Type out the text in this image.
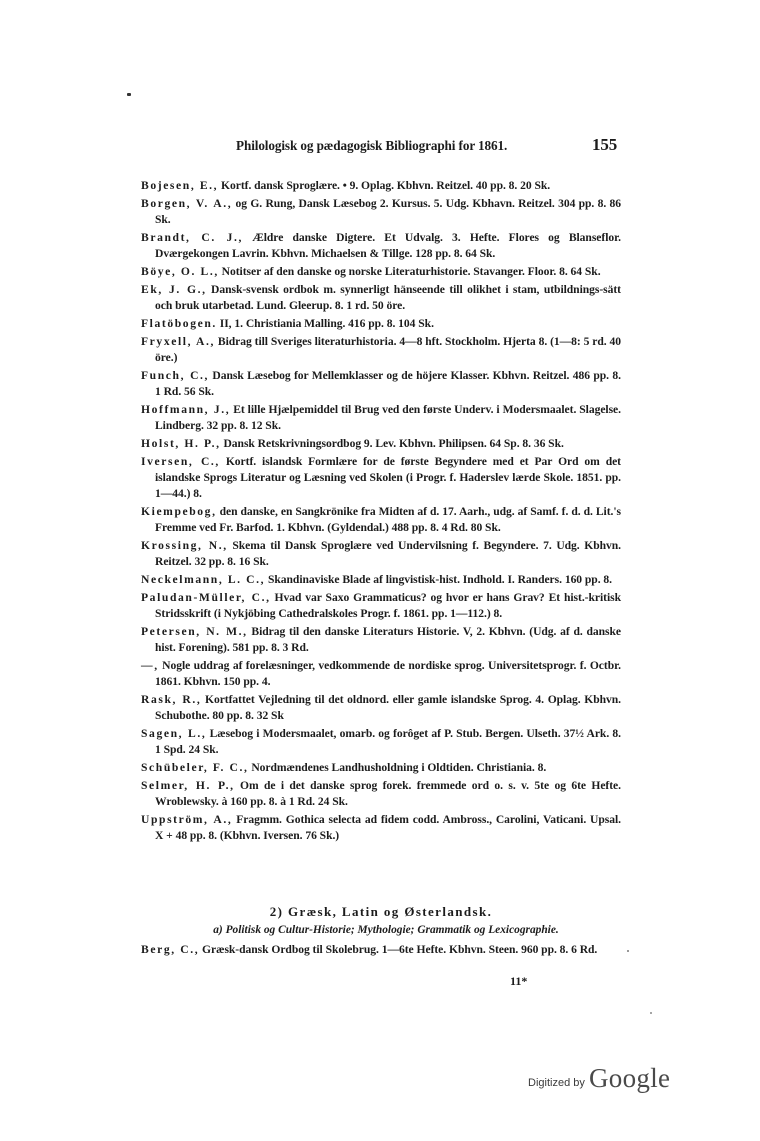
Philologisk og pædagogisk Bibliographi for 1861.	155
Bojesen, E., Kortf. dansk Sproglære. • 9. Oplag. Kbhvn. Reitzel. 40 pp. 8. 20 Sk.
Borgen, V. A., og G. Rung, Dansk Læsebog 2. Kursus. 5. Udg. Kbhavn. Reitzel. 304 pp. 8. 86 Sk.
Brandt, C. J., Ældre danske Digtere. Et Udvalg. 3. Hefte. Flores og Blanseflor. Dværgekongen Lavrin. Kbhvn. Michaelsen & Tillge. 128 pp. 8. 64 Sk.
Böye, O. L., Notitser af den danske og norske Literaturhistorie. Stavanger. Floor. 8. 64 Sk.
Ek, J. G., Dansk-svensk ordbok m. synnerligt hänseende till olikhet i stam, utbildnings-sätt och bruk utarbetad. Lund. Gleerup. 8. 1 rd. 50 öre.
Flatöbogen. II, 1. Christiania Malling. 416 pp. 8. 104 Sk.
Fryxell, A., Bidrag till Sveriges literaturhistoria. 4—8 hft. Stockholm. Hjerta 8. (1—8: 5 rd. 40 öre.)
Funch, C., Dansk Læsebog for Mellemklasser og de höjere Klasser. Kbhvn. Reitzel. 486 pp. 8. 1 Rd. 56 Sk.
Hoffmann, J., Et lille Hjælpemiddel til Brug ved den første Underv. i Modersmaalet. Slagelse. Lindberg. 32 pp. 8. 12 Sk.
Holst, H. P., Dansk Retskrivningsordbog 9. Lev. Kbhvn. Philipsen. 64 Sp. 8. 36 Sk.
Iversen, C., Kortf. islandsk Formlære for de første Begyndere med et Par Ord om det islandske Sprogs Literatur og Læsning ved Skolen (i Progr. f. Haderslev lærde Skole. 1851. pp. 1—44.) 8.
Kiempebog, den danske, en Sangkrönike fra Midten af d. 17. Aarh., udg. af Samf. f. d. d. Lit.'s Fremme ved Fr. Barfod. 1. Kbhvn. (Gyldendal.) 488 pp. 8. 4 Rd. 80 Sk.
Krossing, N., Skema til Dansk Sproglære ved Undervilsning f. Begyndere. 7. Udg. Kbhvn. Reitzel. 32 pp. 8. 16 Sk.
Neckelmann, L. C., Skandinaviske Blade af lingvistisk-hist. Indhold. I. Randers. 160 pp. 8.
Paludan-Müller, C., Hvad var Saxo Grammaticus? og hvor er hans Grav? Et hist.-kritisk Stridsskrift (i Nykjöbing Cathedralskoles Progr. f. 1861. pp. 1—112.) 8.
Petersen, N. M., Bidrag til den danske Literaturs Historie. V, 2. Kbhvn. (Udg. af d. danske hist. Forening). 581 pp. 8. 3 Rd.
—, Nogle uddrag af forelæsninger, vedkommende de nordiske sprog. Universitetsprogr. f. Octbr. 1861. Kbhvn. 150 pp. 4.
Rask, R., Kortfattet Vejledning til det oldnord. eller gamle islandske Sprog. 4. Oplag. Kbhvn. Schubothe. 80 pp. 8. 32 Sk
Sagen, L., Læsebog i Modersmaalet, omarb. og forôget af P. Stub. Bergen. Ulseth. 37½ Ark. 8. 1 Spd. 24 Sk.
Schübeler, F. C., Nordmændenes Landhusholdning i Oldtiden. Christiania. 8.
Selmer, H. P., Om de i det danske sprog forek. fremmede ord o. s. v. 5te og 6te Hefte. Wroblewsky. à 160 pp. 8. à 1 Rd. 24 Sk.
Uppström, A., Fragmm. Gothica selecta ad fidem codd. Ambross., Carolini, Vaticani. Upsal. X + 48 pp. 8. (Kbhvn. Iversen. 76 Sk.)
2) Græsk, Latin og Østerlandsk.
a) Politisk og Cultur-Historie; Mythologie; Grammatik og Lexicographie.
Berg, C., Græsk-dansk Ordbog til Skolebrug. 1—6te Hefte. Kbhvn. Steen. 960 pp. 8. 6 Rd.
11*
Digitized by Google
